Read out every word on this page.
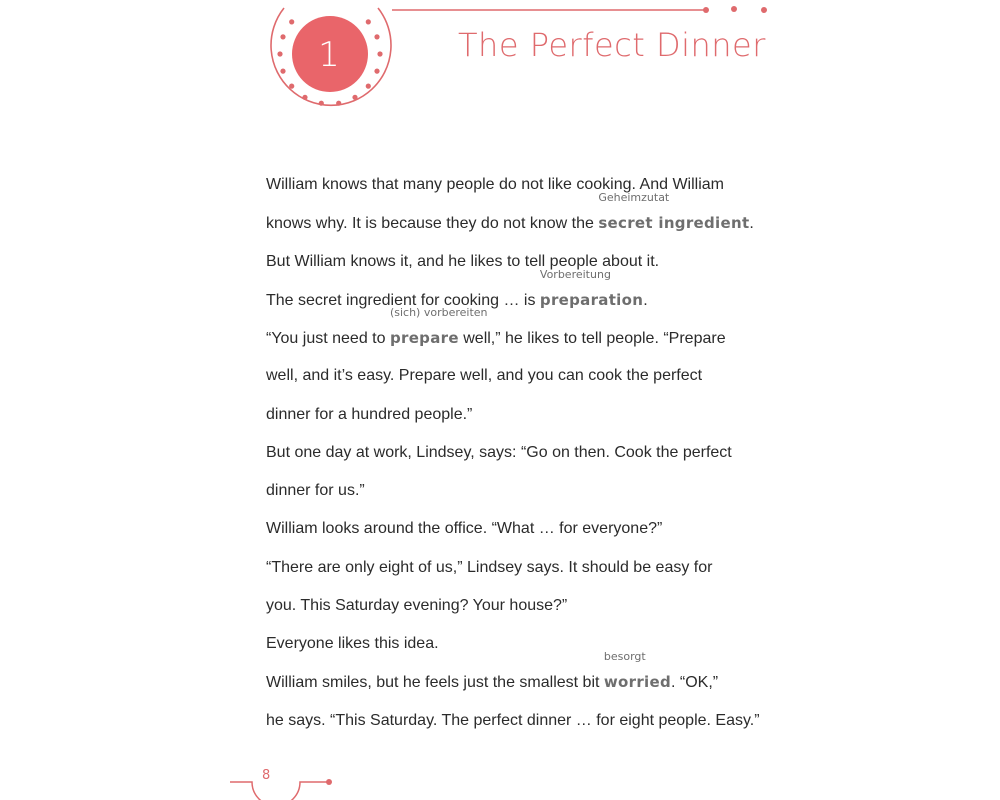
1	The Perfect Dinner
William knows that many people do not like cooking. And William
knows why. It is because they do not know the
Geheimzutat
secret ingredient.
But William knows it, and he likes to tell people about it.
The secret ingredient for cooking … is
Vorbereitung
preparation.
“You just need to
(sich) vorbereiten
prepare well,” he likes to tell people. “Prepare
well, and it’s easy. Prepare well, and you can cook the perfect
dinner for a hundred people.”
But one day at work, Lindsey, says: “Go on then. Cook the perfect
dinner for us.”
William looks around the office. “What … for everyone?”
“There are only eight of us,” Lindsey says. It should be easy for
you. This Saturday evening? Your house?”
Everyone likes this idea.
William smiles, but he feels just the smallest bit
besorgt
worried. “OK,”
he says. “This Saturday. The perfect dinner … for eight people. Easy.”
8
